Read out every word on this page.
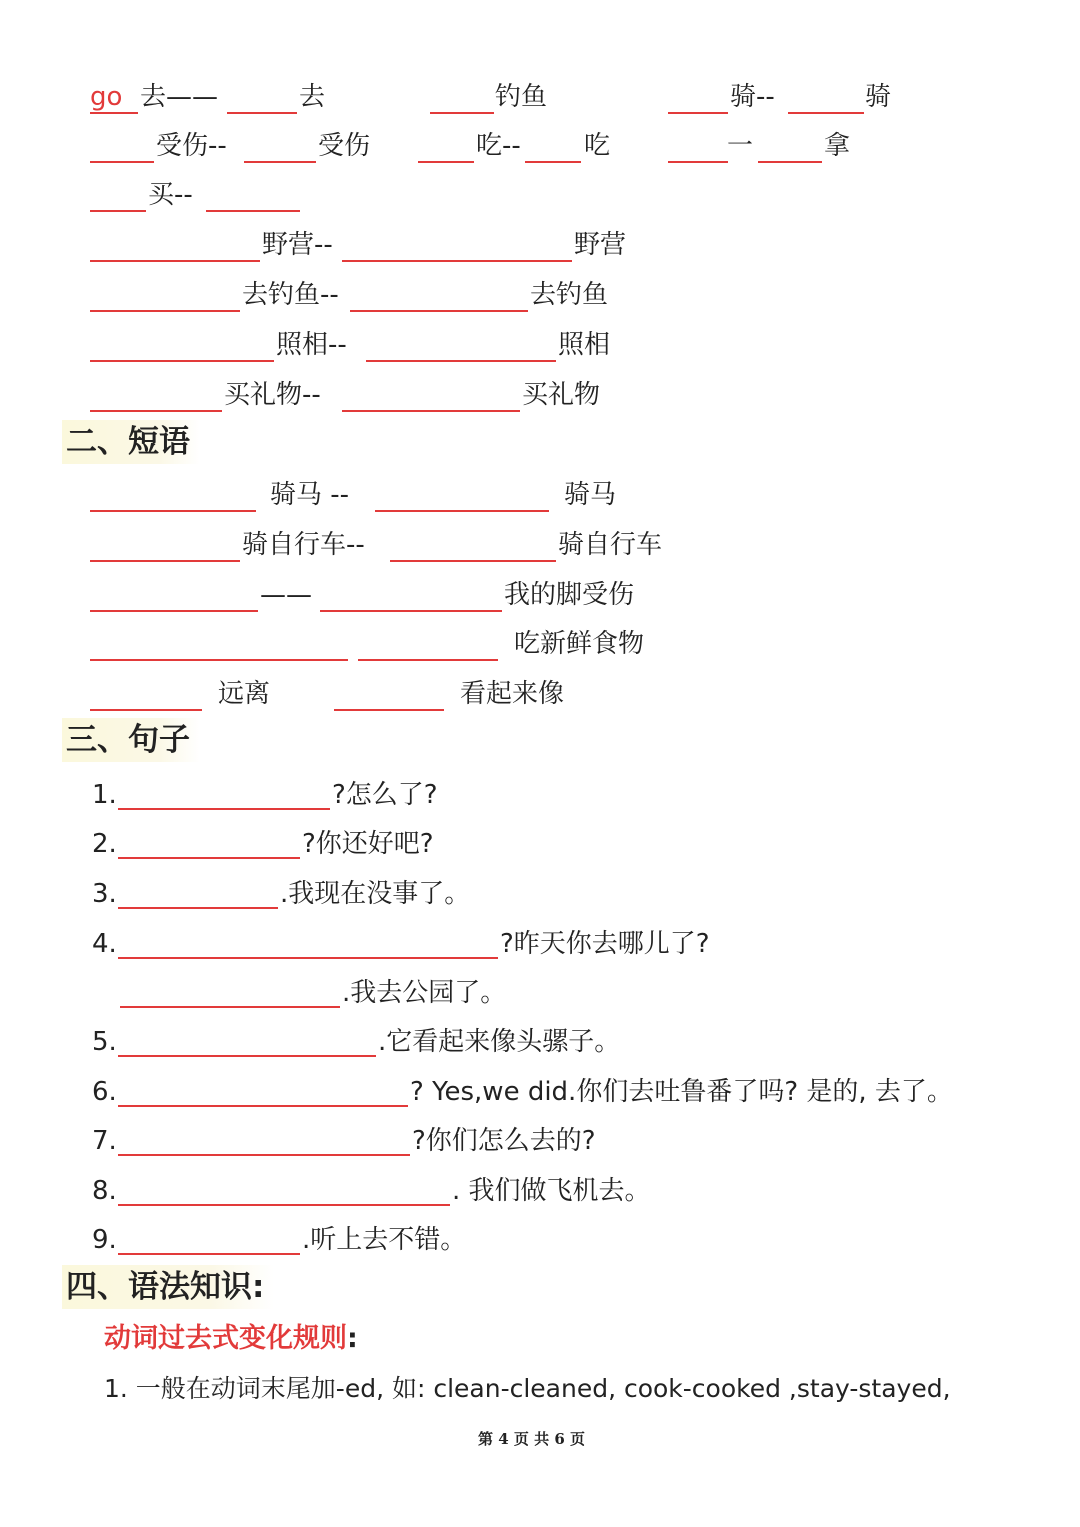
go 去——	去	钓鱼	骑--	骑
受伤--	受伤	吃-- 吃	一	拿
买--
野营--	野营
去钓鱼--	去钓鱼
照相--	照相
买礼物--	买礼物
二、短语
骑马 --	骑马
骑自行车--	骑自行车
——	我的脚受伤
吃新鲜食物
远离	看起来像
三、句子
1.	?怎么了?
2.	?你还好吧?
3.	.我现在没事了。
4.	?昨天你去哪儿了?
.我去公园了。
5.	.它看起来像头骡子。
6.	? Yes,we did.你们去吐鲁番了吗? 是的, 去了。
7.	?你们怎么去的?
8.	. 我们做飞机去。
9.	.听上去不错。
四、语法知识:
动词过去式变化规则:
1. 一般在动词末尾加-ed, 如: clean-cleaned, cook-cooked ,stay-stayed,
第 4 页 共 6 页
